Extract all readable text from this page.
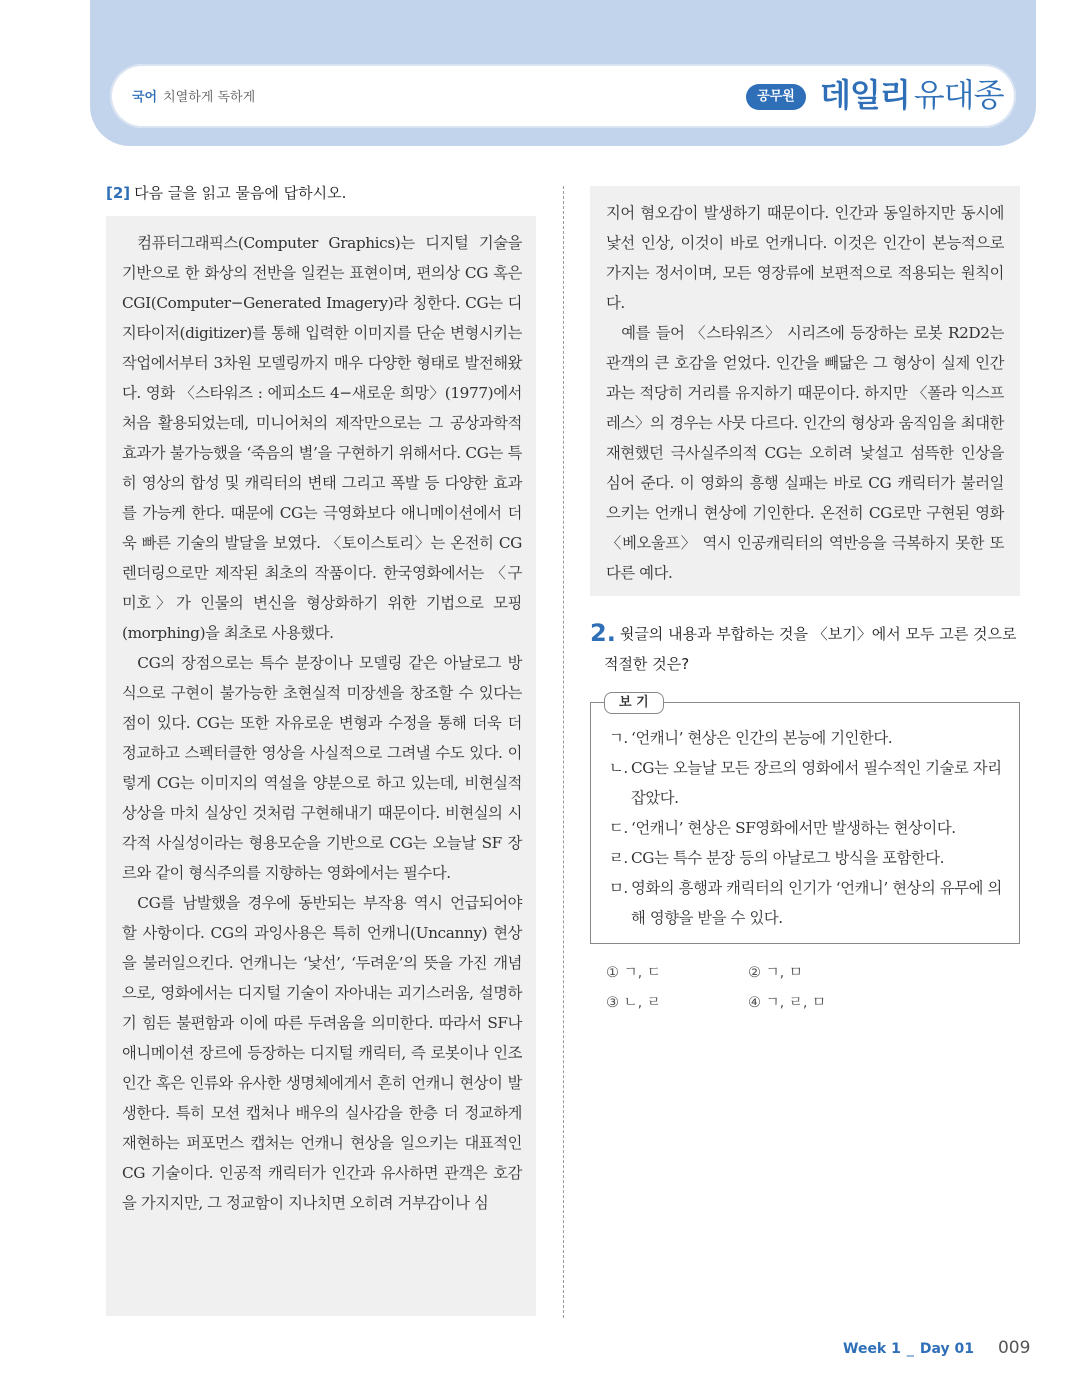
국어 치열하게 독하게	공무원 데일리 유대종
[2] 다음 글을 읽고 물음에 답하시오.

컴퓨터그래픽스(Computer Graphics)는 디지털 기술을 기반으로 한 화상의 전반을 일컫는 표현이며, 편의상 CG 혹은 CGI(Computer−Generated Imagery)라 칭한다. CG는 디지타이저(digitizer)를 통해 입력한 이미지를 단순 변형시키는 작업에서부터 3차원 모델링까지 매우 다양한 형태로 발전해왔다. 영화 〈스타워즈 : 에피소드 4−새로운 희망〉(1977)에서 처음 활용되었는데, 미니어처의 제작만으로는 그 공상과학적 효과가 불가능했을 ‘죽음의 별’을 구현하기 위해서다. CG는 특히 영상의 합성 및 캐릭터의 변태 그리고 폭발 등 다양한 효과를 가능케 한다. 때문에 CG는 극영화보다 애니메이션에서 더욱 빠른 기술의 발달을 보였다. 〈토이스토리〉는 온전히 CG 렌더링으로만 제작된 최초의 작품이다. 한국영화에서는 〈구미호〉가 인물의 변신을 형상화하기 위한 기법으로 모핑(morphing)을 최초로 사용했다.

CG의 장점으로는 특수 분장이나 모델링 같은 아날로그 방식으로 구현이 불가능한 초현실적 미장센을 창조할 수 있다는 점이 있다. CG는 또한 자유로운 변형과 수정을 통해 더욱 더 정교하고 스펙터클한 영상을 사실적으로 그려낼 수도 있다. 이렇게 CG는 이미지의 역설을 양분으로 하고 있는데, 비현실적 상상을 마치 실상인 것처럼 구현해내기 때문이다. 비현실의 시각적 사실성이라는 형용모순을 기반으로 CG는 오늘날 SF 장르와 같이 형식주의를 지향하는 영화에서는 필수다.

CG를 남발했을 경우에 동반되는 부작용 역시 언급되어야 할 사항이다. CG의 과잉사용은 특히 언캐니(Uncanny) 현상을 불러일으킨다. 언캐니는 ‘낯선’, ‘두려운’의 뜻을 가진 개념으로, 영화에서는 디지털 기술이 자아내는 괴기스러움, 설명하기 힘든 불편함과 이에 따른 두려움을 의미한다. 따라서 SF나 애니메이션 장르에 등장하는 디지털 캐릭터, 즉 로봇이나 인조인간 혹은 인류와 유사한 생명체에게서 흔히 언캐니 현상이 발생한다. 특히 모션 캡처나 배우의 실사감을 한층 더 정교하게 재현하는 퍼포먼스 캡처는 언캐니 현상을 일으키는 대표적인 CG 기술이다. 인공적 캐릭터가 인간과 유사하면 관객은 호감을 가지지만, 그 정교함이 지나치면 오히려 거부감이나 심

지어 혐오감이 발생하기 때문이다. 인간과 동일하지만 동시에 낯선 인상, 이것이 바로 언캐니다. 이것은 인간이 본능적으로 가지는 정서이며, 모든 영장류에 보편적으로 적용되는 원칙이다.

예를 들어 〈스타워즈〉 시리즈에 등장하는 로봇 R2D2는 관객의 큰 호감을 얻었다. 인간을 빼닮은 그 형상이 실제 인간과는 적당히 거리를 유지하기 때문이다. 하지만 〈폴라 익스프레스〉의 경우는 사뭇 다르다. 인간의 형상과 움직임을 최대한 재현했던 극사실주의적 CG는 오히려 낯설고 섬뜩한 인상을 심어 준다. 이 영화의 흥행 실패는 바로 CG 캐릭터가 불러일으키는 언캐니 현상에 기인한다. 온전히 CG로만 구현된 영화 〈베오울프〉 역시 인공캐릭터의 역반응을 극복하지 못한 또 다른 예다.

2. 윗글의 내용과 부합하는 것을 〈보기〉에서 모두 고른 것으로
적절한 것은?
ㄱ. ‘언캐니’ 현상은 인간의 본능에 기인한다.
ㄴ. CG는 오늘날 모든 장르의 영화에서 필수적인 기술로 자리 잡았다.
ㄷ. ‘언캐니’ 현상은 SF영화에서만 발생하는 현상이다.
ㄹ. CG는 특수 분장 등의 아날로그 방식을 포함한다.
ㅁ. 영화의 흥행과 캐릭터의 인기가 ‘언캐니’ 현상의 유무에 의해 영향을 받을 수 있다.
보 기
① ㄱ, ㄷ	② ㄱ, ㅁ
③ ㄴ, ㄹ	④ ㄱ, ㄹ, ㅁ
Week 1 _ Day 01 009
